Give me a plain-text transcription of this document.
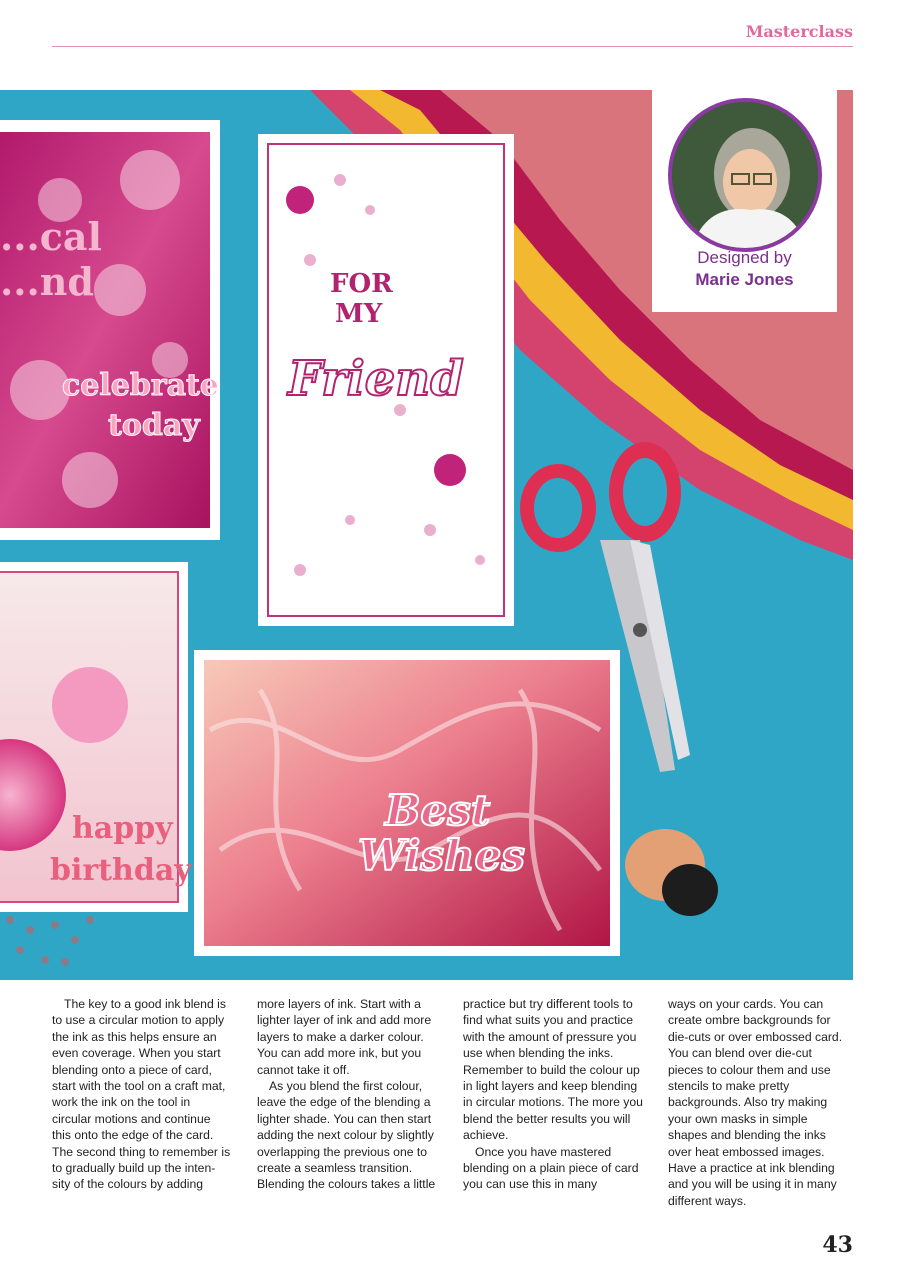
Masterclass
...cal
...nd
celebrate
today
FOR
MY
Friend
happy
birthday
Best
Wishes
Designed by
Marie Jones

The key to a good ink blend is to use a circular motion to apply the ink as this helps ensure an even coverage. When you start blending onto a piece of card, start with the tool on a craft mat, work the ink on the tool in circular motions and continue this onto the edge of the card. The second thing to remember is to gradually build up the inten-sity of the colours by adding

more layers of ink. Start with a lighter layer of ink and add more layers to make a darker colour. You can add more ink, but you cannot take it off.

As you blend the first colour, leave the edge of the blending a lighter shade. You can then start adding the next colour by slightly overlapping the previous one to create a seamless transition. Blending the colours takes a little

practice but try different tools to find what suits you and practice with the amount of pressure you use when blending the inks. Remember to build the colour up in light layers and keep blending in circular motions. The more you blend the better results you will achieve.

Once you have mastered blending on a plain piece of card you can use this in many

ways on your cards. You can create ombre backgrounds for die-cuts or over embossed card. You can blend over die-cut pieces to colour them and use stencils to make pretty backgrounds. Also try making your own masks in simple shapes and blending the inks over heat embossed images. Have a practice at ink blending and you will be using it in many different ways.

43
